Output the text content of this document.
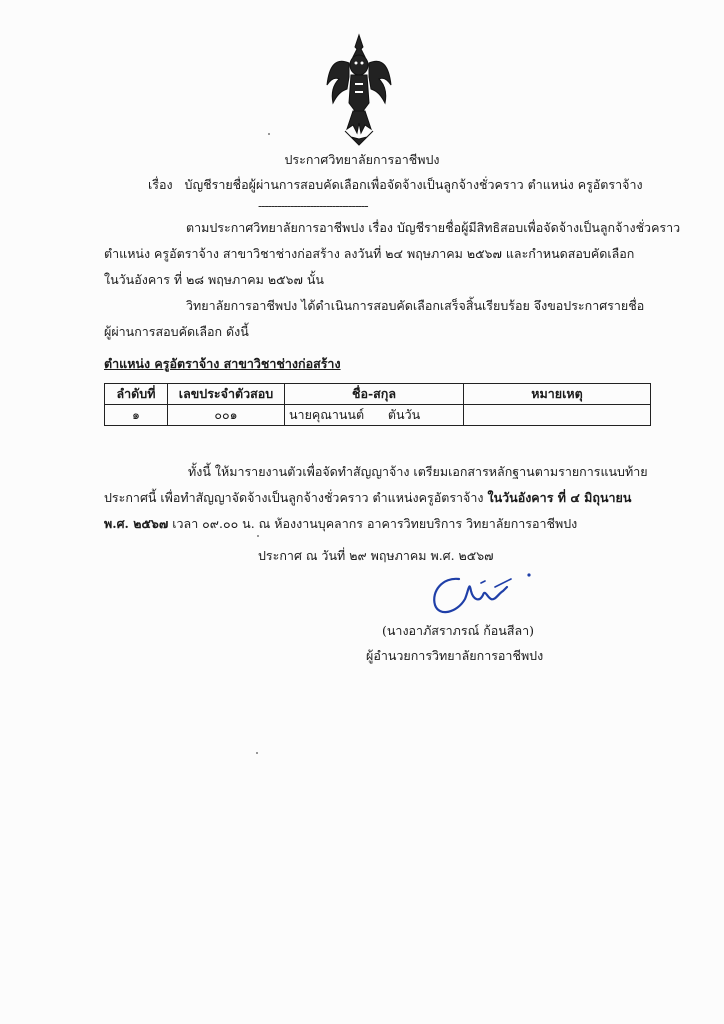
ประกาศวิทยาลัยการอาชีพปง
เรื่อง บัญชีรายชื่อผู้ผ่านการสอบคัดเลือกเพื่อจัดจ้างเป็นลูกจ้างชั่วคราว ตำแหน่ง ครูอัตราจ้าง
----------------------------------
ตามประกาศวิทยาลัยการอาชีพปง เรื่อง บัญชีรายชื่อผู้มีสิทธิสอบเพื่อจัดจ้างเป็นลูกจ้างชั่วคราว
ตำแหน่ง ครูอัตราจ้าง สาขาวิชาช่างก่อสร้าง ลงวันที่ ๒๔ พฤษภาคม ๒๕๖๗ และกำหนดสอบคัดเลือก
ในวันอังคาร ที่ ๒๘ พฤษภาคม ๒๕๖๗ นั้น
วิทยาลัยการอาชีพปง ได้ดำเนินการสอบคัดเลือกเสร็จสิ้นเรียบร้อย จึงขอประกาศรายชื่อ
ผู้ผ่านการสอบคัดเลือก ดังนี้
ตำแหน่ง ครูอัตราจ้าง สาขาวิชาช่างก่อสร้าง
ลำดับที่	เลขประจำตัวสอบ	ชื่อ-สกุล	หมายเหตุ
๑	๐๐๑	นายคุณานนต์ ตันวัน	
ทั้งนี้ ให้มารายงานตัวเพื่อจัดทำสัญญาจ้าง เตรียมเอกสารหลักฐานตามรายการแนบท้าย
ประกาศนี้ เพื่อทำสัญญาจัดจ้างเป็นลูกจ้างชั่วคราว ตำแหน่งครูอัตราจ้าง ในวันอังคาร ที่ ๔ มิถุนายน
พ.ศ. ๒๕๖๗ เวลา ๐๙.๐๐ น. ณ ห้องงานบุคลากร อาคารวิทยบริการ วิทยาลัยการอาชีพปง
ประกาศ ณ วันที่ ๒๙ พฤษภาคม พ.ศ. ๒๕๖๗
(นางอาภัสราภรณ์ ก้อนสีลา)
ผู้อำนวยการวิทยาลัยการอาชีพปง
